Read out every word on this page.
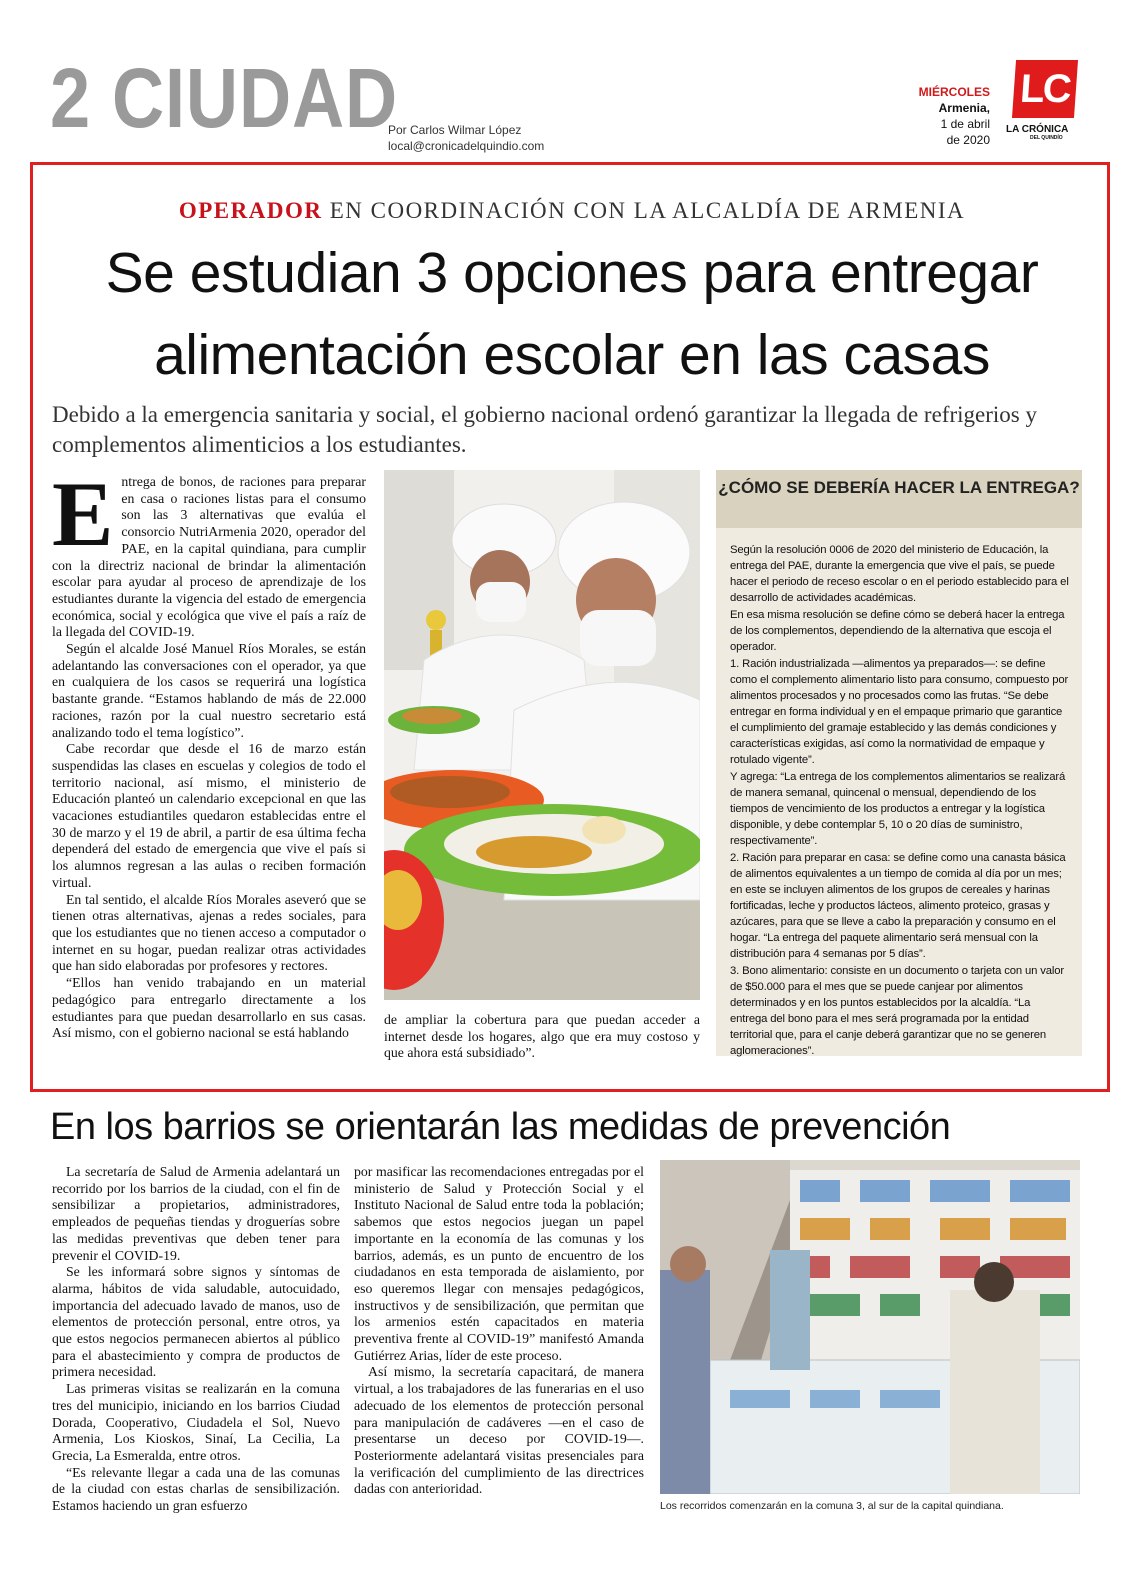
2 CIUDAD
Por Carlos Wilmar López
local@cronicadelquindio.com
MIÉRCOLES
Armenia,
1 de abril
de 2020
LC
LA CRÓNICA
DEL QUINDÍO
OPERADOR EN COORDINACIÓN CON LA ALCALDÍA DE ARMENIA
Se estudian 3 opciones para entregar
alimentación escolar en las casas
Debido a la emergencia sanitaria y social, el gobierno nacional ordenó garantizar la llegada de refrigerios y complementos alimenticios a los estudiantes.

Entrega de bonos, de raciones para preparar en casa o raciones listas para el consumo son las 3 alternativas que evalúa el consorcio NutriArmenia 2020, operador del PAE, en la capital quindiana, para cumplir con la directriz nacional de brindar la alimentación escolar para ayudar al proceso de aprendizaje de los estudiantes durante la vigencia del estado de emergencia económica, social y ecológica que vive el país a raíz de la llegada del COVID-19.

Según el alcalde José Manuel Ríos Morales, se están adelantando las conversaciones con el operador, ya que en cualquiera de los casos se requerirá una logística bastante grande. “Estamos hablando de más de 22.000 raciones, razón por la cual nuestro secretario está analizando todo el tema logístico”.

Cabe recordar que desde el 16 de marzo están suspendidas las clases en escuelas y colegios de todo el territorio nacional, así mismo, el ministerio de Educación planteó un calendario excepcional en que las vacaciones estudiantiles quedaron establecidas entre el 30 de marzo y el 19 de abril, a partir de esa última fecha dependerá del estado de emergencia que vive el país si los alumnos regresan a las aulas o reciben formación virtual.

En tal sentido, el alcalde Ríos Morales aseveró que se tienen otras alternativas, ajenas a redes sociales, para que los estudiantes que no tienen acceso a computador o internet en su hogar, puedan realizar otras actividades que han sido elaboradas por profesores y rectores.

“Ellos han venido trabajando en un material pedagógico para entregarlo directamente a los estudiantes para que puedan desarrollarlo en sus casas. Así mismo, con el gobierno nacional se está hablando

de ampliar la cobertura para que puedan acceder a internet desde los hogares, algo que era muy costoso y que ahora está subsidiado”.

¿CÓMO SE DEBERÍA HACER LA ENTREGA?

Según la resolución 0006 de 2020 del ministerio de Educación, la entrega del PAE, durante la emergencia que vive el país, se puede hacer el periodo de receso escolar o en el periodo establecido para el desarrollo de actividades académicas.

En esa misma resolución se define cómo se deberá hacer la entrega de los complementos, dependiendo de la alternativa que escoja el operador.

1. Ración industrializada —alimentos ya preparados—: se define como el complemento alimentario listo para consumo, compuesto por alimentos procesados y no procesados como las frutas. “Se debe entregar en forma individual y en el empaque primario que garantice el cumplimiento del gramaje establecido y las demás condiciones y características exigidas, así como la normatividad de empaque y rotulado vigente”.

Y agrega: “La entrega de los complementos alimentarios se realizará de manera semanal, quincenal o mensual, dependiendo de los tiempos de vencimiento de los productos a entregar y la logística disponible, y debe contemplar 5, 10 o 20 días de suministro, respectivamente”.

2. Ración para preparar en casa: se define como una canasta básica de alimentos equivalentes a un tiempo de comida al día por un mes; en este se incluyen alimentos de los grupos de cereales y harinas fortificadas, leche y productos lácteos, alimento proteico, grasas y azúcares, para que se lleve a cabo la preparación y consumo en el hogar. “La entrega del paquete alimentario será mensual con la distribución para 4 semanas por 5 días”.

3. Bono alimentario: consiste en un documento o tarjeta con un valor de $50.000 para el mes que se puede canjear por alimentos determinados y en los puntos establecidos por la alcaldía. “La entrega del bono para el mes será programada por la entidad territorial que, para el canje deberá garantizar que no se generen aglomeraciones”.

En los barrios se orientarán las medidas de prevención

La secretaría de Salud de Armenia adelantará un recorrido por los barrios de la ciudad, con el fin de sensibilizar a propietarios, administradores, empleados de pequeñas tiendas y droguerías sobre las medidas preventivas que deben tener para prevenir el COVID-19.

Se les informará sobre signos y síntomas de alarma, hábitos de vida saludable, autocuidado, importancia del adecuado lavado de manos, uso de elementos de protección personal, entre otros, ya que estos negocios permanecen abiertos al público para el abastecimiento y compra de productos de primera necesidad.

Las primeras visitas se realizarán en la comuna tres del municipio, iniciando en los barrios Ciudad Dorada, Cooperativo, Ciudadela el Sol, Nuevo Armenia, Los Kioskos, Sinaí, La Cecilia, La Grecia, La Esmeralda, entre otros.

“Es relevante llegar a cada una de las comunas de la ciudad con estas charlas de sensibilización. Estamos haciendo un gran esfuerzo

por masificar las recomendaciones entregadas por el ministerio de Salud y Protección Social y el Instituto Nacional de Salud entre toda la población; sabemos que estos negocios juegan un papel importante en la economía de las comunas y los barrios, además, es un punto de encuentro de los ciudadanos en esta temporada de aislamiento, por eso queremos llegar con mensajes pedagógicos, instructivos y de sensibilización, que permitan que los armenios estén capacitados en materia preventiva frente al COVID-19” manifestó Amanda Gutiérrez Arias, líder de este proceso.

Así mismo, la secretaría capacitará, de manera virtual, a los trabajadores de las funerarias en el uso adecuado de los elementos de protección personal para manipulación de cadáveres —en el caso de presentarse un deceso por COVID-19—. Posteriormente adelantará visitas presenciales para la verificación del cumplimiento de las directrices dadas con anterioridad.

Los recorridos comenzarán en la comuna 3, al sur de la capital quindiana.
